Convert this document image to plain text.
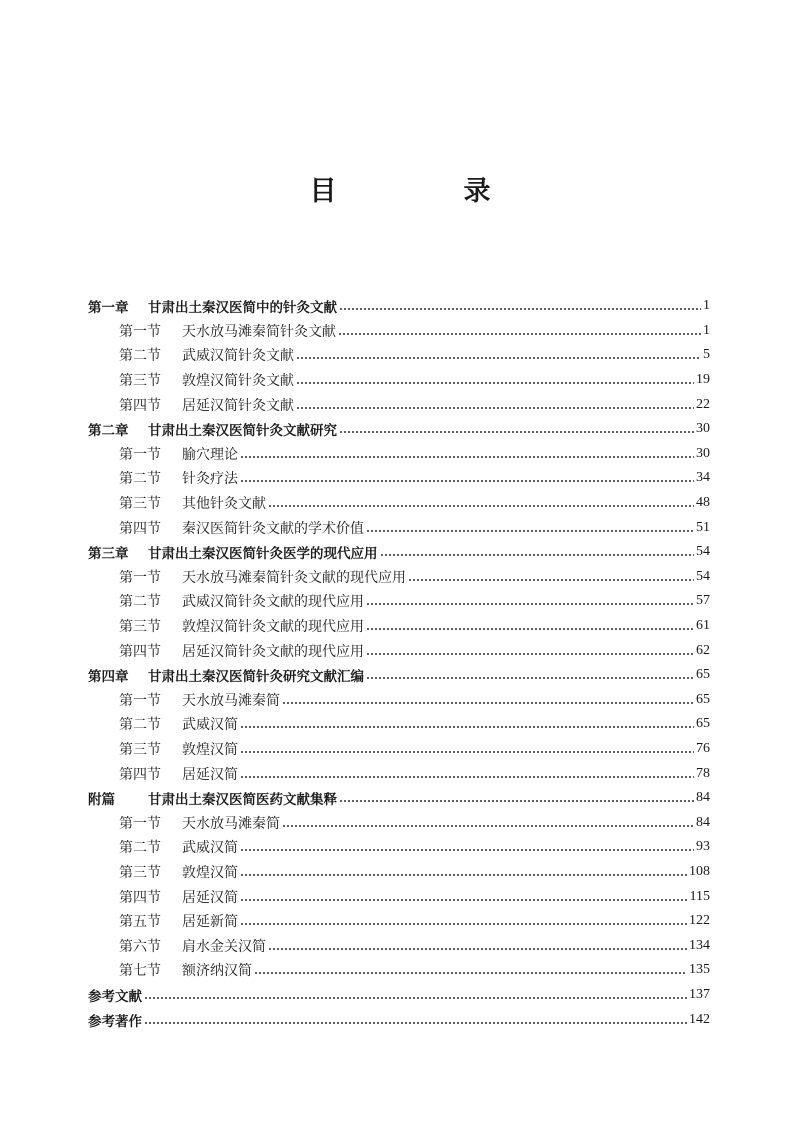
目　录
第一章	甘肃出土秦汉医简中的针灸文献	1
第一节	天水放马滩秦简针灸文献	1
第二节	武威汉简针灸文献	5
第三节	敦煌汉简针灸文献	19
第四节	居延汉简针灸文献	22
第二章	甘肃出土秦汉医简针灸文献研究	30
第一节	腧穴理论	30
第二节	针灸疗法	34
第三节	其他针灸文献	48
第四节	秦汉医简针灸文献的学术价值	51
第三章	甘肃出土秦汉医简针灸医学的现代应用	54
第一节	天水放马滩秦简针灸文献的现代应用	54
第二节	武威汉简针灸文献的现代应用	57
第三节	敦煌汉简针灸文献的现代应用	61
第四节	居延汉简针灸文献的现代应用	62
第四章	甘肃出土秦汉医简针灸研究文献汇编	65
第一节	天水放马滩秦简	65
第二节	武威汉简	65
第三节	敦煌汉简	76
第四节	居延汉简	78
附篇	甘肃出土秦汉医简医药文献集释	84
第一节	天水放马滩秦简	84
第二节	武威汉简	93
第三节	敦煌汉简	108
第四节	居延汉简	115
第五节	居延新简	122
第六节	肩水金关汉简	134
第七节	额济纳汉简	135
参考文献	137
参考著作	142
